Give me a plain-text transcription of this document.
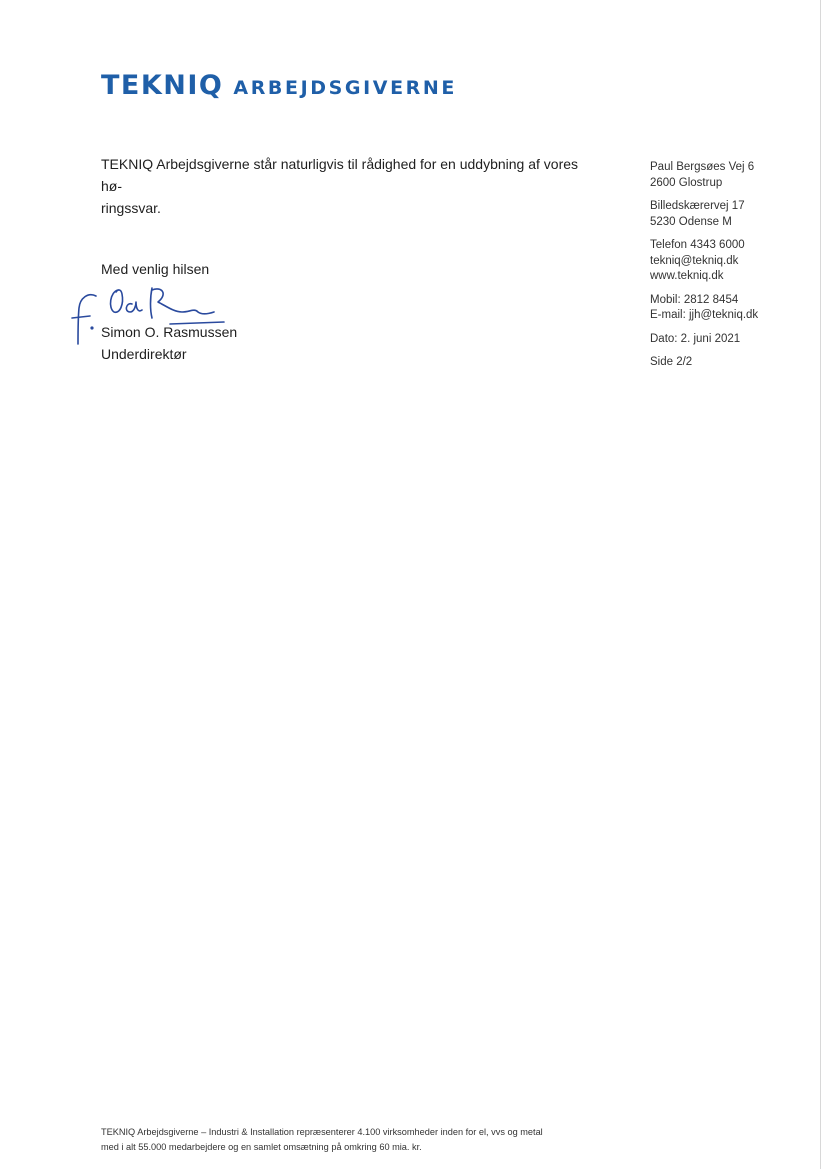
TEKNIQ ARBEJDSGIVERNE
TEKNIQ Arbejdsgiverne står naturligvis til rådighed for en uddybning af vores hø-
ringssvar.
Med venlig hilsen
Simon O. Rasmussen
Underdirektør
Paul Bergsøes Vej 6
2600 Glostrup
Billedskærervej 17
5230 Odense M
Telefon 4343 6000
tekniq@tekniq.dk
www.tekniq.dk
Mobil: 2812 8454
E-mail: jjh@tekniq.dk
Dato: 2. juni 2021
Side 2/2
TEKNIQ Arbejdsgiverne – Industri & Installation repræsenterer 4.100 virksomheder inden for el, vvs og metal
med i alt 55.000 medarbejdere og en samlet omsætning på omkring 60 mia. kr.
